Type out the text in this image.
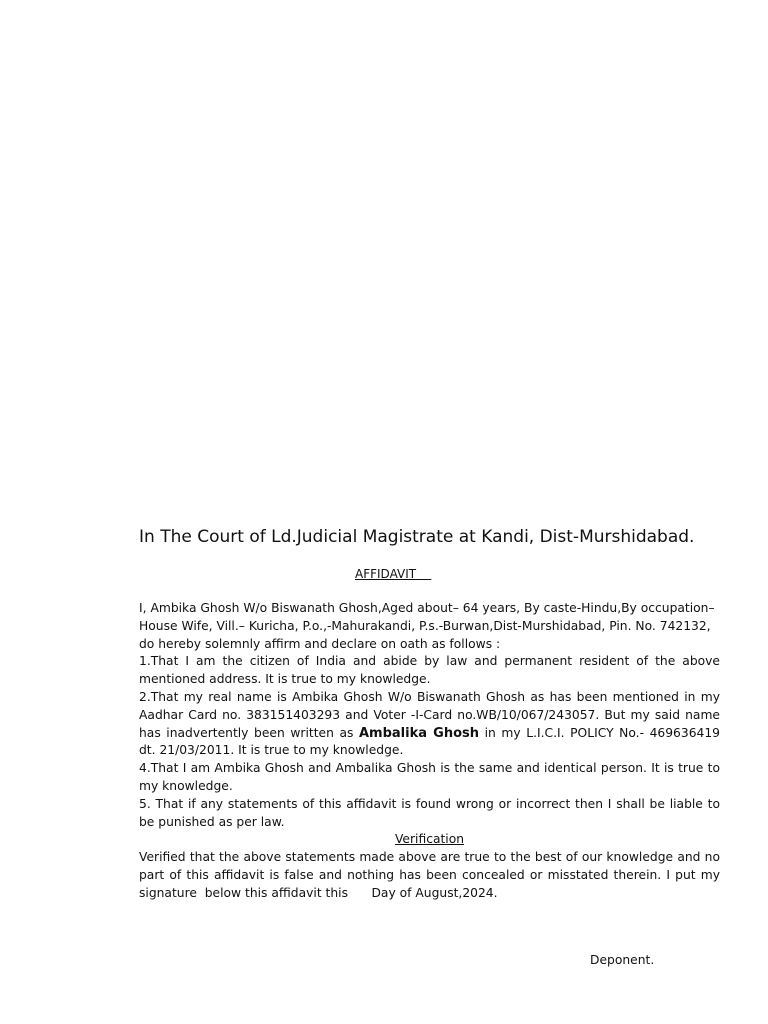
In The Court of Ld.Judicial Magistrate at Kandi, Dist-Murshidabad.
AFFIDAVIT

I, Ambika Ghosh W/o Biswanath Ghosh,Aged about– 64 years, By caste-Hindu,By occupation– House Wife, Vill.– Kuricha, P.o.,-Mahurakandi, P.s.-Burwan,Dist-Murshidabad, Pin. No. 742132, do hereby solemnly affirm and declare on oath as follows :

1.That I am the citizen of India and abide by law and permanent resident of the above mentioned address. It is true to my knowledge.

2.That my real name is Ambika Ghosh W/o Biswanath Ghosh as has been mentioned in my Aadhar Card no. 383151403293 and Voter -I-Card no.WB/10/067/243057. But my said name has inadvertently been written as Ambalika Ghosh in my L.I.C.I. POLICY No.- 469636419 dt. 21/03/2011. It is true to my knowledge.

4.That I am Ambika Ghosh and Ambalika Ghosh is the same and identical person. It is true to my knowledge.

5. That if any statements of this affidavit is found wrong or incorrect then I shall be liable to be punished as per law.

Verification

Verified that the above statements made above are true to the best of our knowledge and no part of this affidavit is false and nothing has been concealed or misstated therein. I put my signature  below this affidavit this      Day of August,2024.

Deponent.
